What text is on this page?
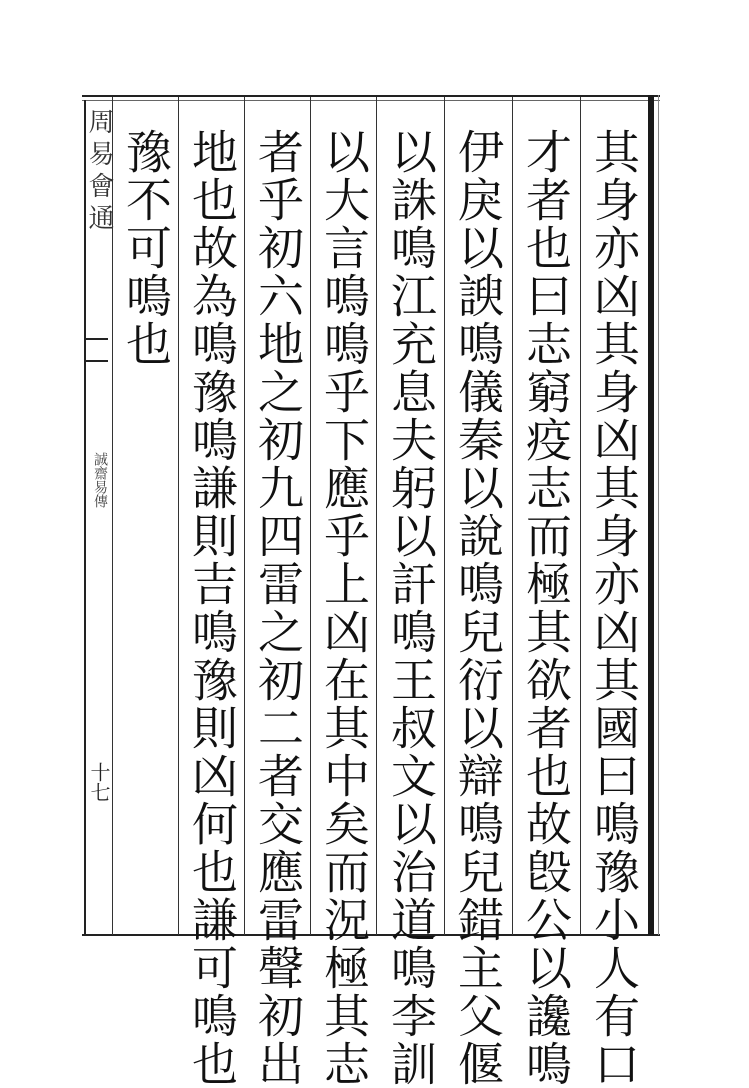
周易會通
誠齋易傳
十七	其身亦凶其身凶其身亦凶其國曰鳴豫小人有口
才者也曰志窮疫志而極其欲者也故𣪘公以讒鳴
伊戾以諛鳴儀秦以說鳴兒衍以辯鳴兒錯主父偃
以誅鳴江充息夫躬以訐鳴王叔文以治道鳴李訓
以大言鳴鳴乎下應乎上凶在其中矣而況極其志
者乎初六地之初九四雷之初二者交應雷聲初出
地也故為鳴豫鳴謙則吉鳴豫則凶何也謙可鳴也
豫不可鳴也
